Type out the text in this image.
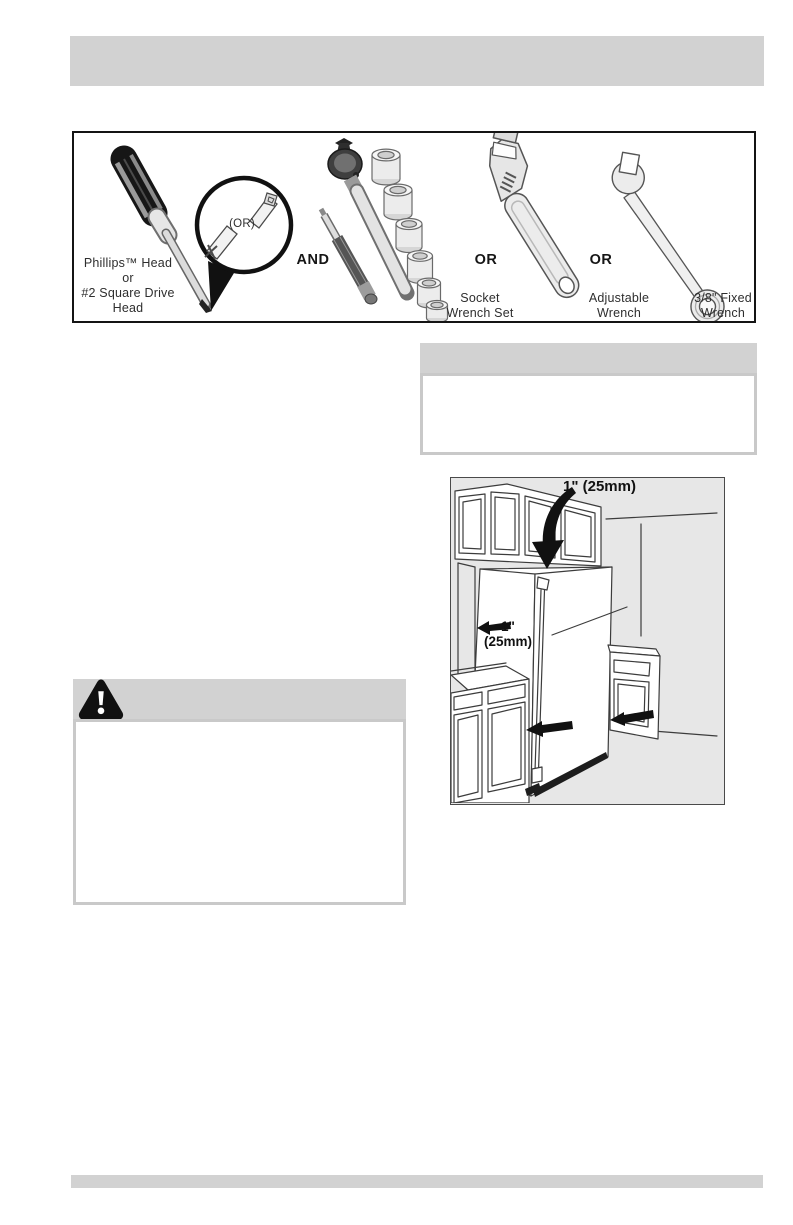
Phillips™ Head
or
#2 Square Drive
Head
(OR)
AND	OR
Socket
Wrench Set
OR
Adjustable
Wrench
3/8" Fixed
Wrench
1" (25mm)
1"
(25mm)
